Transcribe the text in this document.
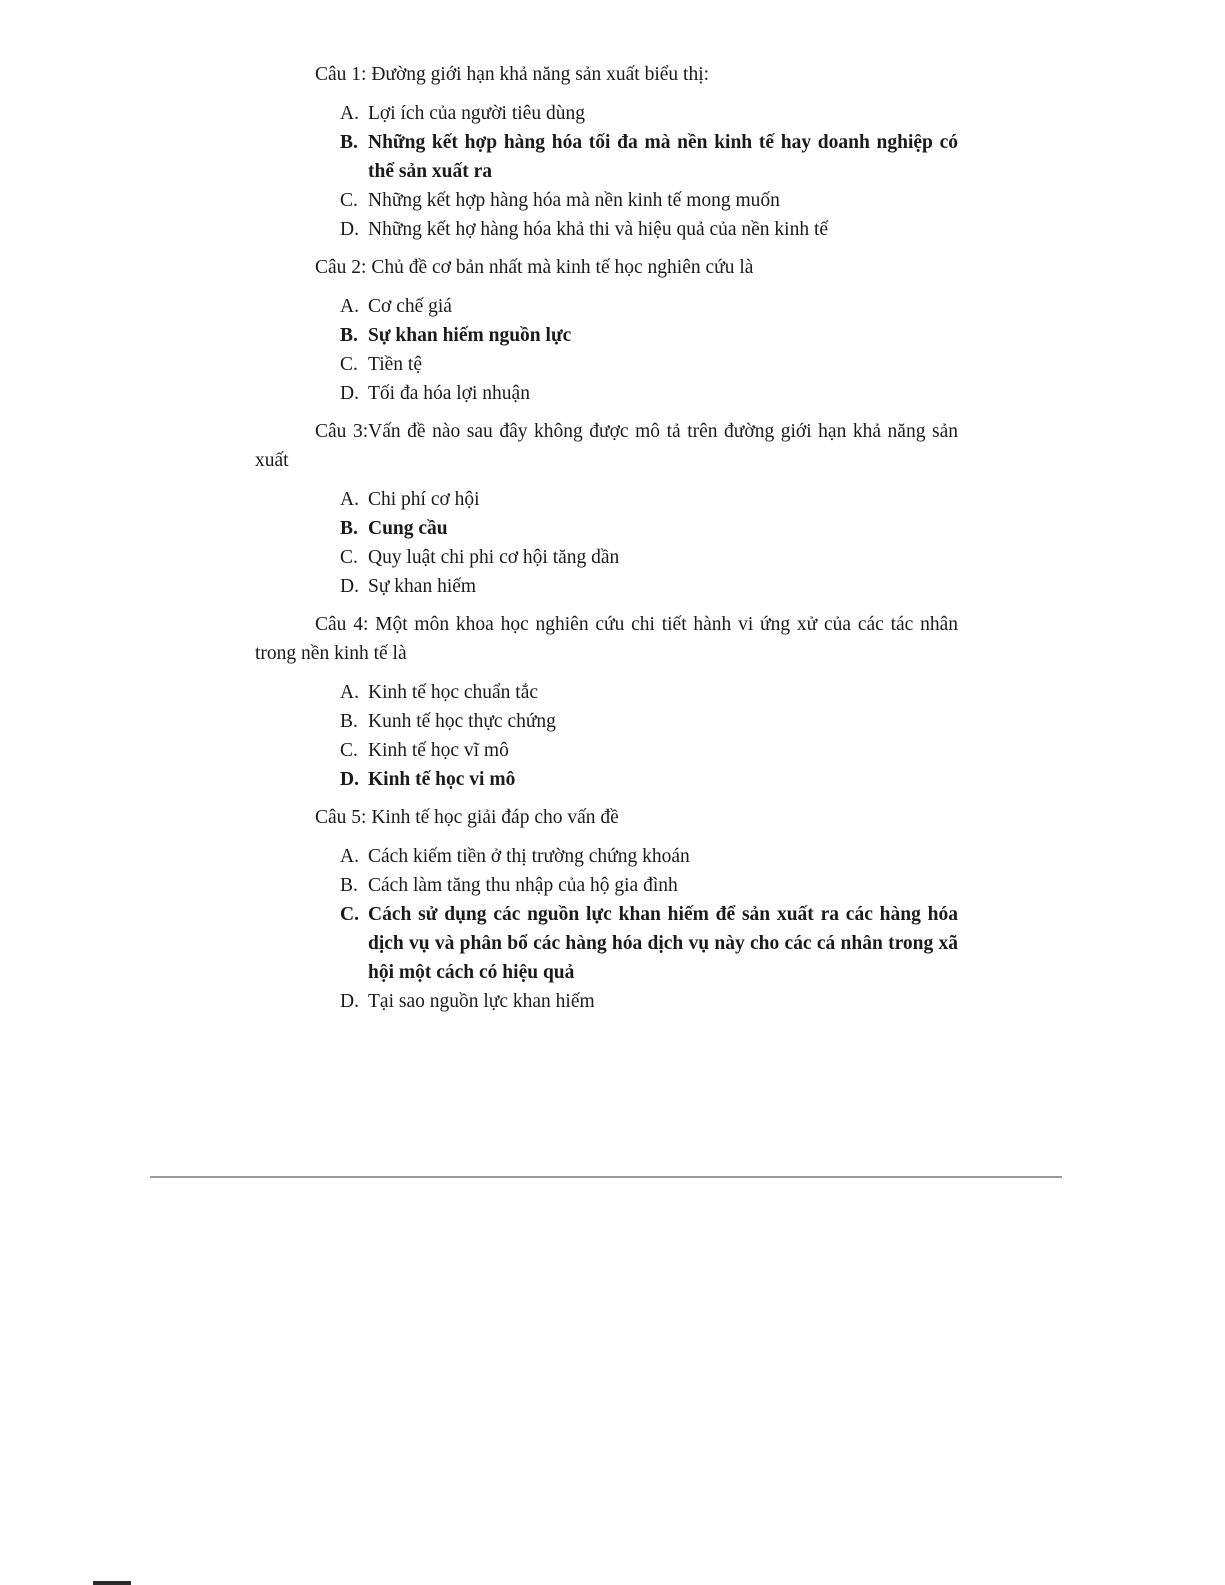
Câu 1: Đường giới hạn khả năng sản xuất biểu thị:

A. Lợi ích của người tiêu dùng
B. Những kết hợp hàng hóa tối đa mà nền kinh tế hay doanh nghiệp có thể sản xuất ra
C. Những kết hợp hàng hóa mà nền kinh tế mong muốn
D. Những kết hợ hàng hóa khả thi và hiệu quả của nền kinh tế

Câu 2: Chủ đề cơ bản nhất mà kinh tế học nghiên cứu là

A. Cơ chế giá
B. Sự khan hiếm nguồn lực
C. Tiền tệ
D. Tối đa hóa lợi nhuận

Câu 3:Vấn đề nào sau đây không được mô tả trên đường giới hạn khả năng sản xuất

A. Chi phí cơ hội
B. Cung cầu
C. Quy luật chi phi cơ hội tăng dần
D. Sự khan hiếm

Câu 4: Một môn khoa học nghiên cứu chi tiết hành vi ứng xử của các tác nhân trong nền kinh tế là

A. Kinh tế học chuẩn tắc
B. Kunh tế học thực chứng
C. Kinh tế học vĩ mô
D. Kinh tế học vi mô

Câu 5: Kinh tế học giải đáp cho vấn đề

A. Cách kiếm tiền ở thị trường chứng khoán
B. Cách làm tăng thu nhập của hộ gia đình
C. Cách sử dụng các nguồn lực khan hiếm để sản xuất ra các hàng hóa dịch vụ và phân bổ các hàng hóa dịch vụ này cho các cá nhân trong xã hội một cách có hiệu quả
D. Tại sao nguồn lực khan hiếm
